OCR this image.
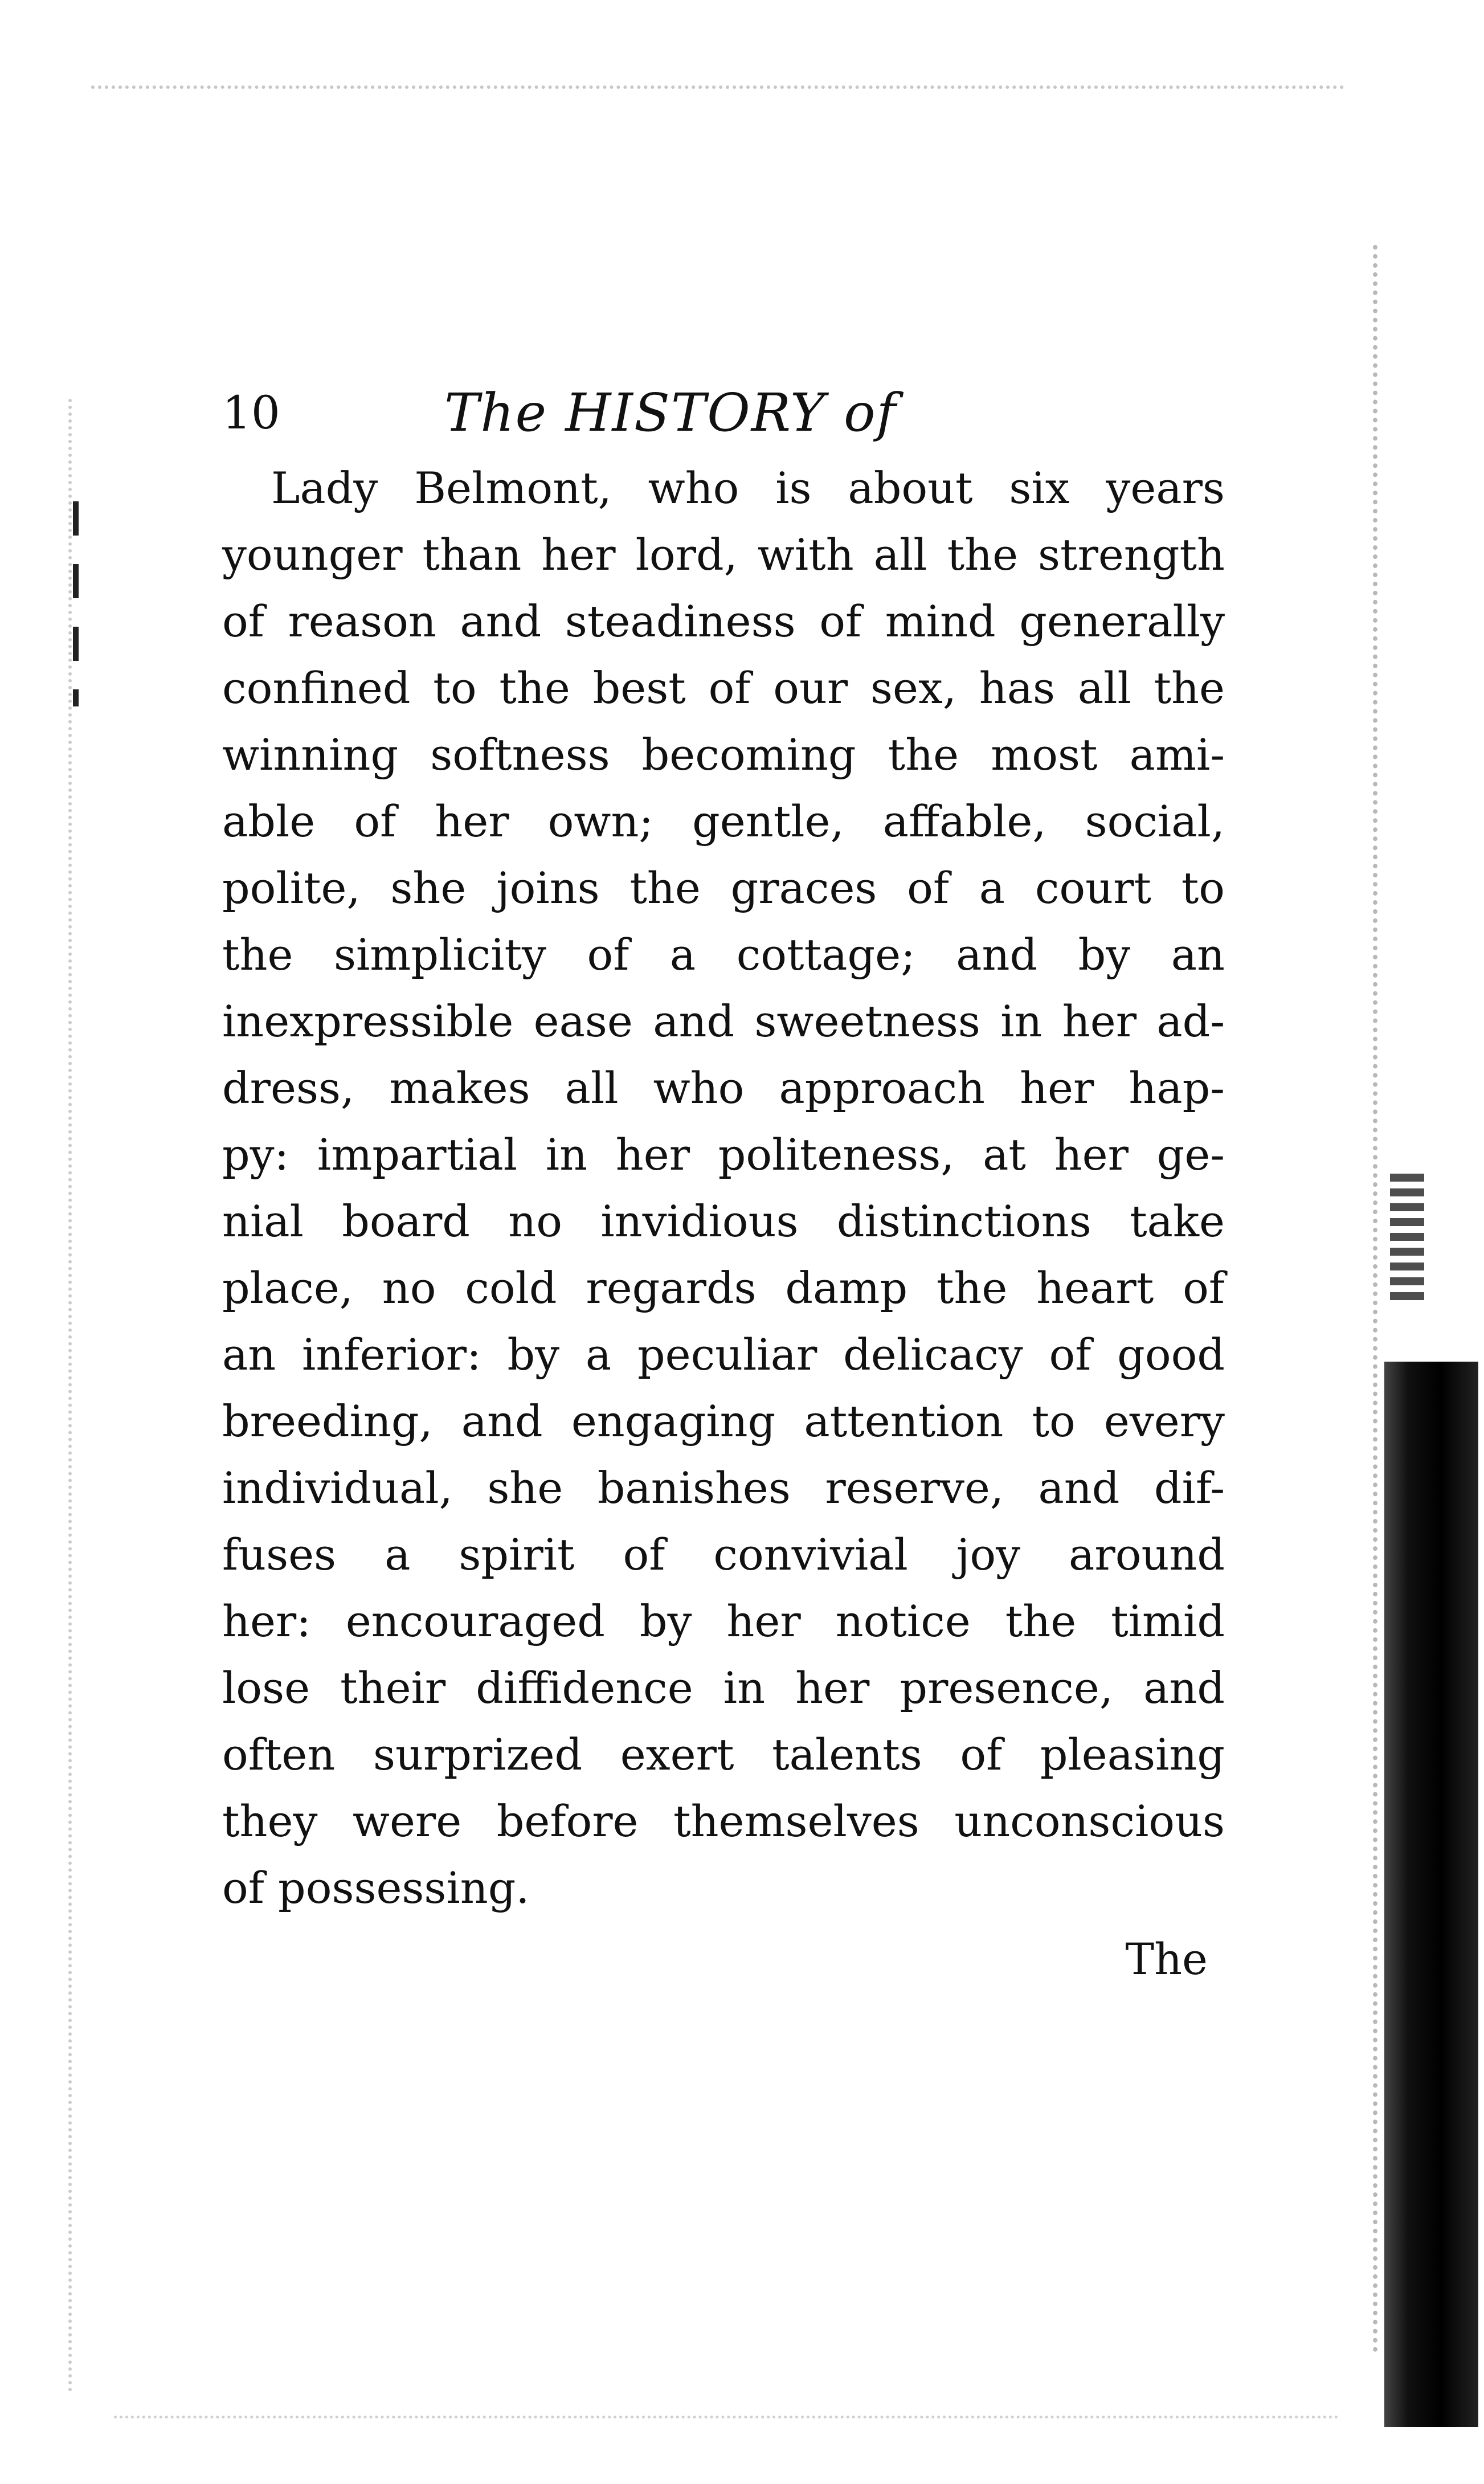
10	The HISTORY of
Lady Belmont, who is about six years
younger than her lord, with all the strength
of reason and steadiness of mind generally
confined to the best of our sex, has all the
winning softness becoming the most ami-
able of her own; gentle, affable, social,
polite, she joins the graces of a court to
the simplicity of a cottage; and by an
inexpressible ease and sweetness in her ad-
dress, makes all who approach her hap-
py: impartial in her politeness, at her ge-
nial board no invidious distinctions take
place, no cold regards damp the heart of
an inferior: by a peculiar delicacy of good
breeding, and engaging attention to every
individual, she banishes reserve, and dif-
fuses a spirit of convivial joy around
her: encouraged by her notice the timid
lose their diffidence in her presence, and
often surprized exert talents of pleasing
they were before themselves unconscious
of possessing.
The
